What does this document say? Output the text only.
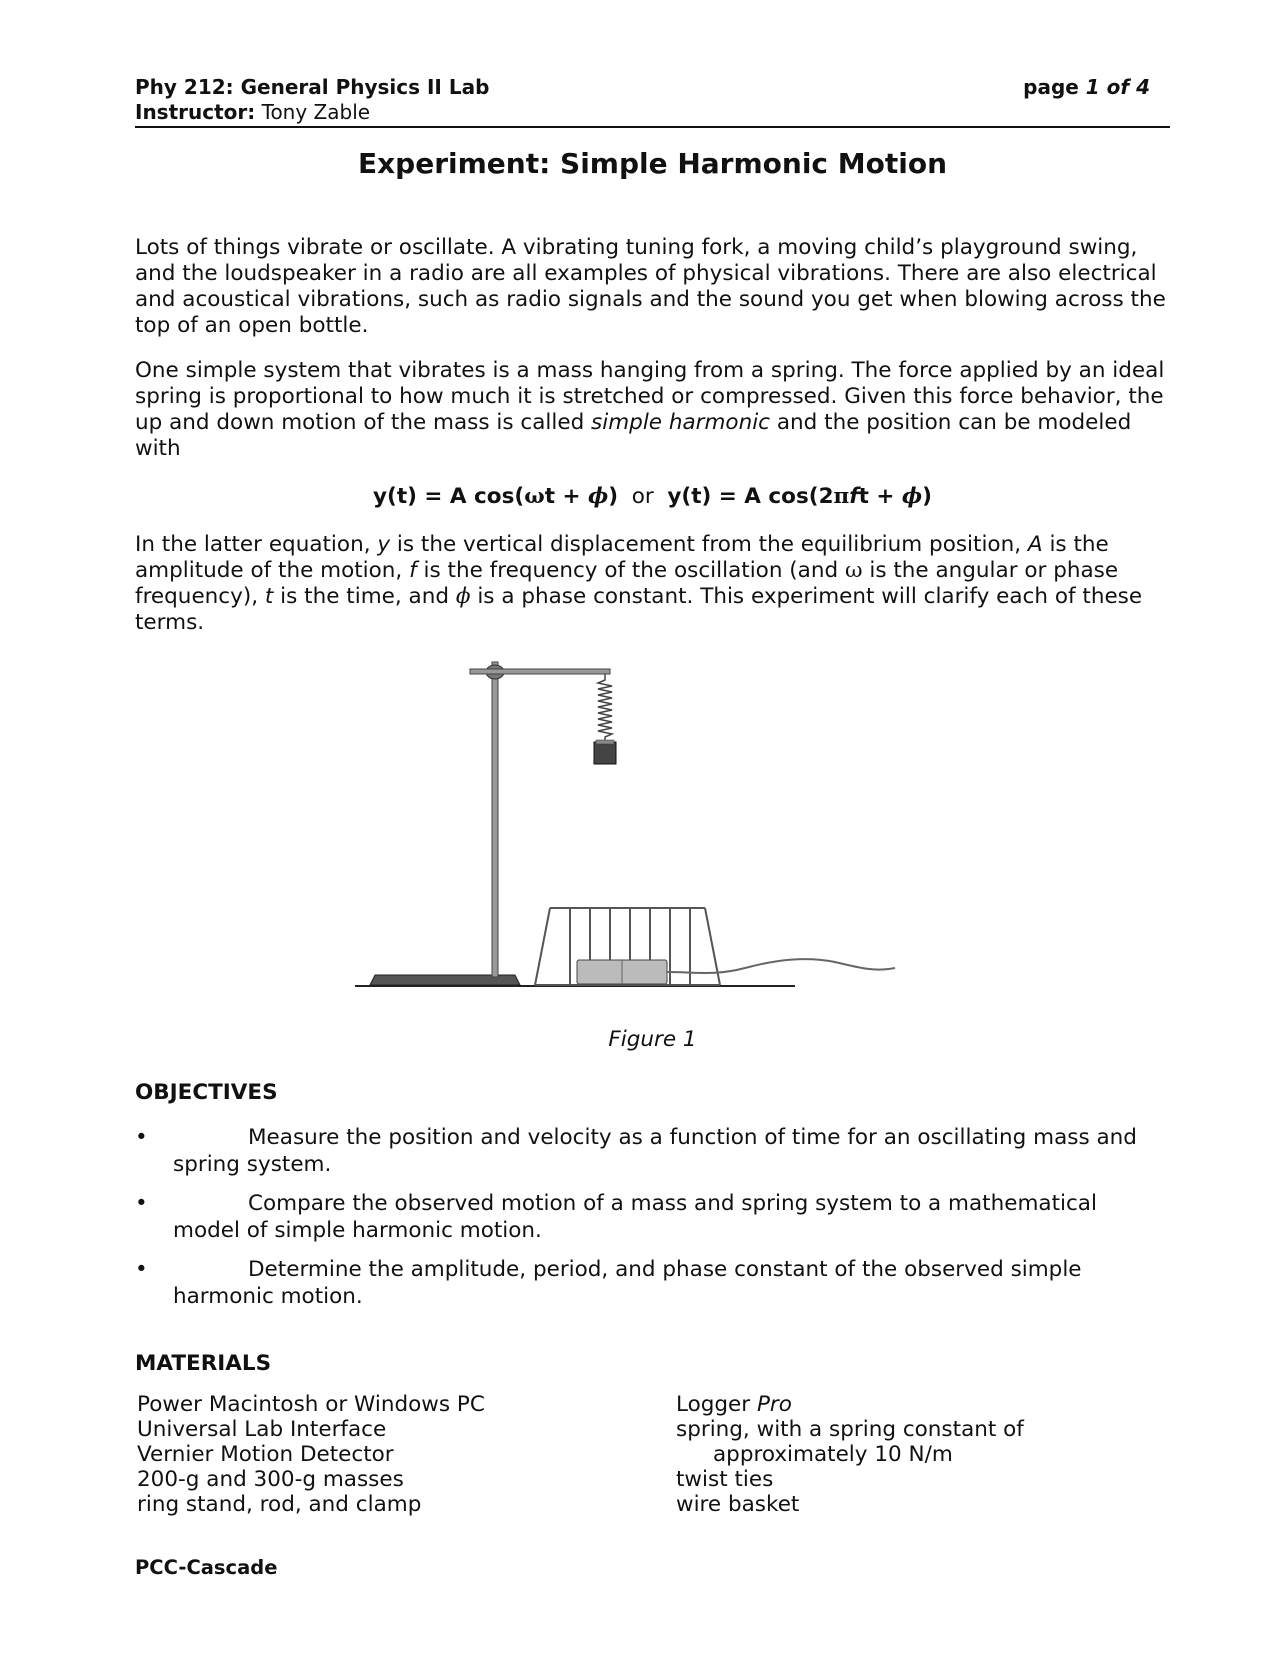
Phy 212: General Physics II Lab	page 1 of 4
Instructor: Tony Zable
Experiment: Simple Harmonic Motion
Lots of things vibrate or oscillate. A vibrating tuning fork, a moving child’s playground swing, and the loudspeaker in a radio are all examples of physical vibrations. There are also electrical and acoustical vibrations, such as radio signals and the sound you get when blowing across the top of an open bottle.
One simple system that vibrates is a mass hanging from a spring. The force applied by an ideal spring is proportional to how much it is stretched or compressed. Given this force behavior, the up and down motion of the mass is called simple harmonic and the position can be modeled with
y(t) = A cos(ωt + ϕ) or y(t) = A cos(2πft + ϕ)
In the latter equation, y is the vertical displacement from the equilibrium position, A is the amplitude of the motion, f is the frequency of the oscillation (and ω is the angular or phase frequency), t is the time, and ϕ is a phase constant. This experiment will clarify each of these terms.
Figure 1
OBJECTIVES
•	Measure the position and velocity as a function of time for an oscillating mass and spring system.
•	Compare the observed motion of a mass and spring system to a mathematical model of simple harmonic motion.
•	Determine the amplitude, period, and phase constant of the observed simple harmonic motion.
MATERIALS
Power Macintosh or Windows PC
Universal Lab Interface
Vernier Motion Detector
200-g and 300-g masses
ring stand, rod, and clamp
Logger Pro
spring, with a spring constant of
approximately 10 N/m
twist ties
wire basket
PCC-Cascade
